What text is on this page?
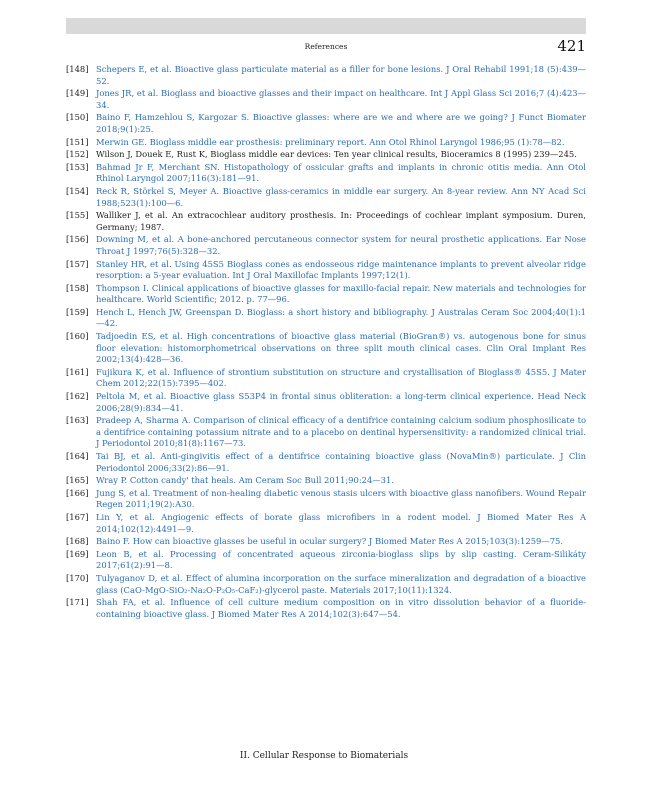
References	421
[148] Schepers E, et al. Bioactive glass particulate material as a filler for bone lesions. J Oral Rehabil 1991;18 (5):439—52.
[149] Jones JR, et al. Bioglass and bioactive glasses and their impact on healthcare. Int J Appl Glass Sci 2016;7 (4):423—34.
[150] Baino F, Hamzehlou S, Kargozar S. Bioactive glasses: where are we and where are we going? J Funct Biomater 2018;9(1):25.
[151] Merwin GE. Bioglass middle ear prosthesis: preliminary report. Ann Otol Rhinol Laryngol 1986;95 (1):78—82.
[152] Wilson J, Douek E, Rust K, Bioglass middle ear devices: Ten year clinical results, Bioceramics 8 (1995) 239—245.
[153] Bahmad Jr F, Merchant SN. Histopathology of ossicular grafts and implants in chronic otitis media. Ann Otol Rhinol Laryngol 2007;116(3):181—91.
[154] Reck R, Störkel S, Meyer A. Bioactive glass-ceramics in middle ear surgery. An 8-year review. Ann NY Acad Sci 1988;523(1):100—6.
[155] Walliker J, et al. An extracochlear auditory prosthesis. In: Proceedings of cochlear implant symposium. Duren, Germany; 1987.
[156] Downing M, et al. A bone-anchored percutaneous connector system for neural prosthetic applications. Ear Nose Throat J 1997;76(5):328—32.
[157] Stanley HR, et al. Using 45S5 Bioglass cones as endosseous ridge maintenance implants to prevent alveolar ridge resorption: a 5-year evaluation. Int J Oral Maxillofac Implants 1997;12(1).
[158] Thompson I. Clinical applications of bioactive glasses for maxillo-facial repair. New materials and technologies for healthcare. World Scientific; 2012. p. 77—96.
[159] Hench L, Hench JW, Greenspan D. Bioglass: a short history and bibliography. J Australas Ceram Soc 2004;40(1):1—42.
[160] Tadjoedin ES, et al. High concentrations of bioactive glass material (BioGran®) vs. autogenous bone for sinus floor elevation: histomorphometrical observations on three split mouth clinical cases. Clin Oral Implant Res 2002;13(4):428—36.
[161] Fujikura K, et al. Influence of strontium substitution on structure and crystallisation of Bioglass® 45S5. J Mater Chem 2012;22(15):7395—402.
[162] Peltola M, et al. Bioactive glass S53P4 in frontal sinus obliteration: a long-term clinical experience. Head Neck 2006;28(9):834—41.
[163] Pradeep A, Sharma A. Comparison of clinical efficacy of a dentifrice containing calcium sodium phosphosilicate to a dentifrice containing potassium nitrate and to a placebo on dentinal hypersensitivity: a randomized clinical trial. J Periodontol 2010;81(8):1167—73.
[164] Tai BJ, et al. Anti-gingivitis effect of a dentifrice containing bioactive glass (NovaMin®) particulate. J Clin Periodontol 2006;33(2):86—91.
[165] Wray P. Cotton candy' that heals. Am Ceram Soc Bull 2011;90:24—31.
[166] Jung S, et al. Treatment of non-healing diabetic venous stasis ulcers with bioactive glass nanofibers. Wound Repair Regen 2011;19(2):A30.
[167] Lin Y, et al. Angiogenic effects of borate glass microfibers in a rodent model. J Biomed Mater Res A 2014;102(12):4491—9.
[168] Baino F. How can bioactive glasses be useful in ocular surgery? J Biomed Mater Res A 2015;103(3):1259—75.
[169] Leon B, et al. Processing of concentrated aqueous zirconia-bioglass slips by slip casting. Ceram-Silikáty 2017;61(2):91—8.
[170] Tulyaganov D, et al. Effect of alumina incorporation on the surface mineralization and degradation of a bioactive glass (CaO-MgO-SiO₂-Na₂O-P₂O₅-CaF₂)-glycerol paste. Materials 2017;10(11):1324.
[171] Shah FA, et al. Influence of cell culture medium composition on in vitro dissolution behavior of a fluoride-containing bioactive glass. J Biomed Mater Res A 2014;102(3):647—54.
II. Cellular Response to Biomaterials
